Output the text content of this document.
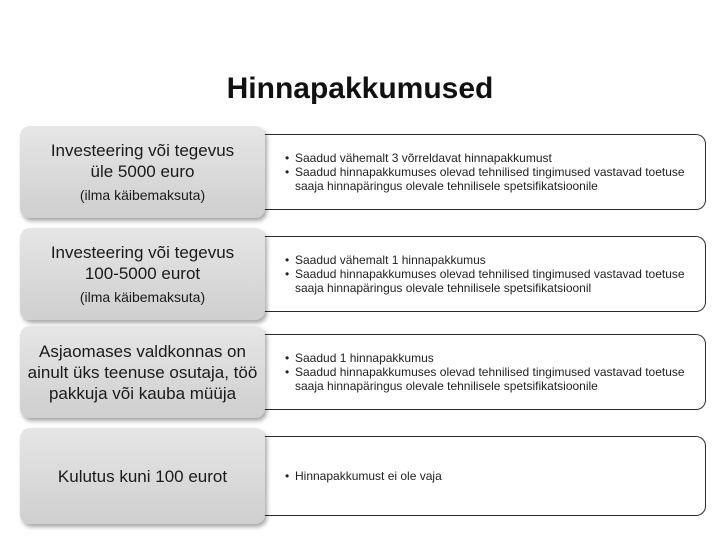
Hinnapakkumused
Investeering või tegevus üle 5000 euro
(ilma käibemaksuta)
• Saadud vähemalt 3 võrreldavat hinnapakkumust
• Saadud hinnapakkumuses olevad tehnilised tingimused vastavad toetuse saaja hinnapäringus olevale tehnilisele spetsifikatsioonile
Investeering või tegevus 100-5000 eurot
(ilma käibemaksuta)
• Saadud vähemalt 1 hinnapakkumus
• Saadud hinnapakkumuses olevad tehnilised tingimused vastavad toetuse saaja hinnapäringus olevale tehnilisele spetsifikatsioonil
Asjaomases valdkonnas on ainult üks teenuse osutaja, töö pakkuja või kauba müüja
• Saadud 1 hinnapakkumus
• Saadud hinnapakkumuses olevad tehnilised tingimused vastavad toetuse saaja hinnapäringus olevale tehnilisele spetsifikatsioonile
Kulutus kuni 100 eurot
•	Hinnapakkumust ei ole vaja
